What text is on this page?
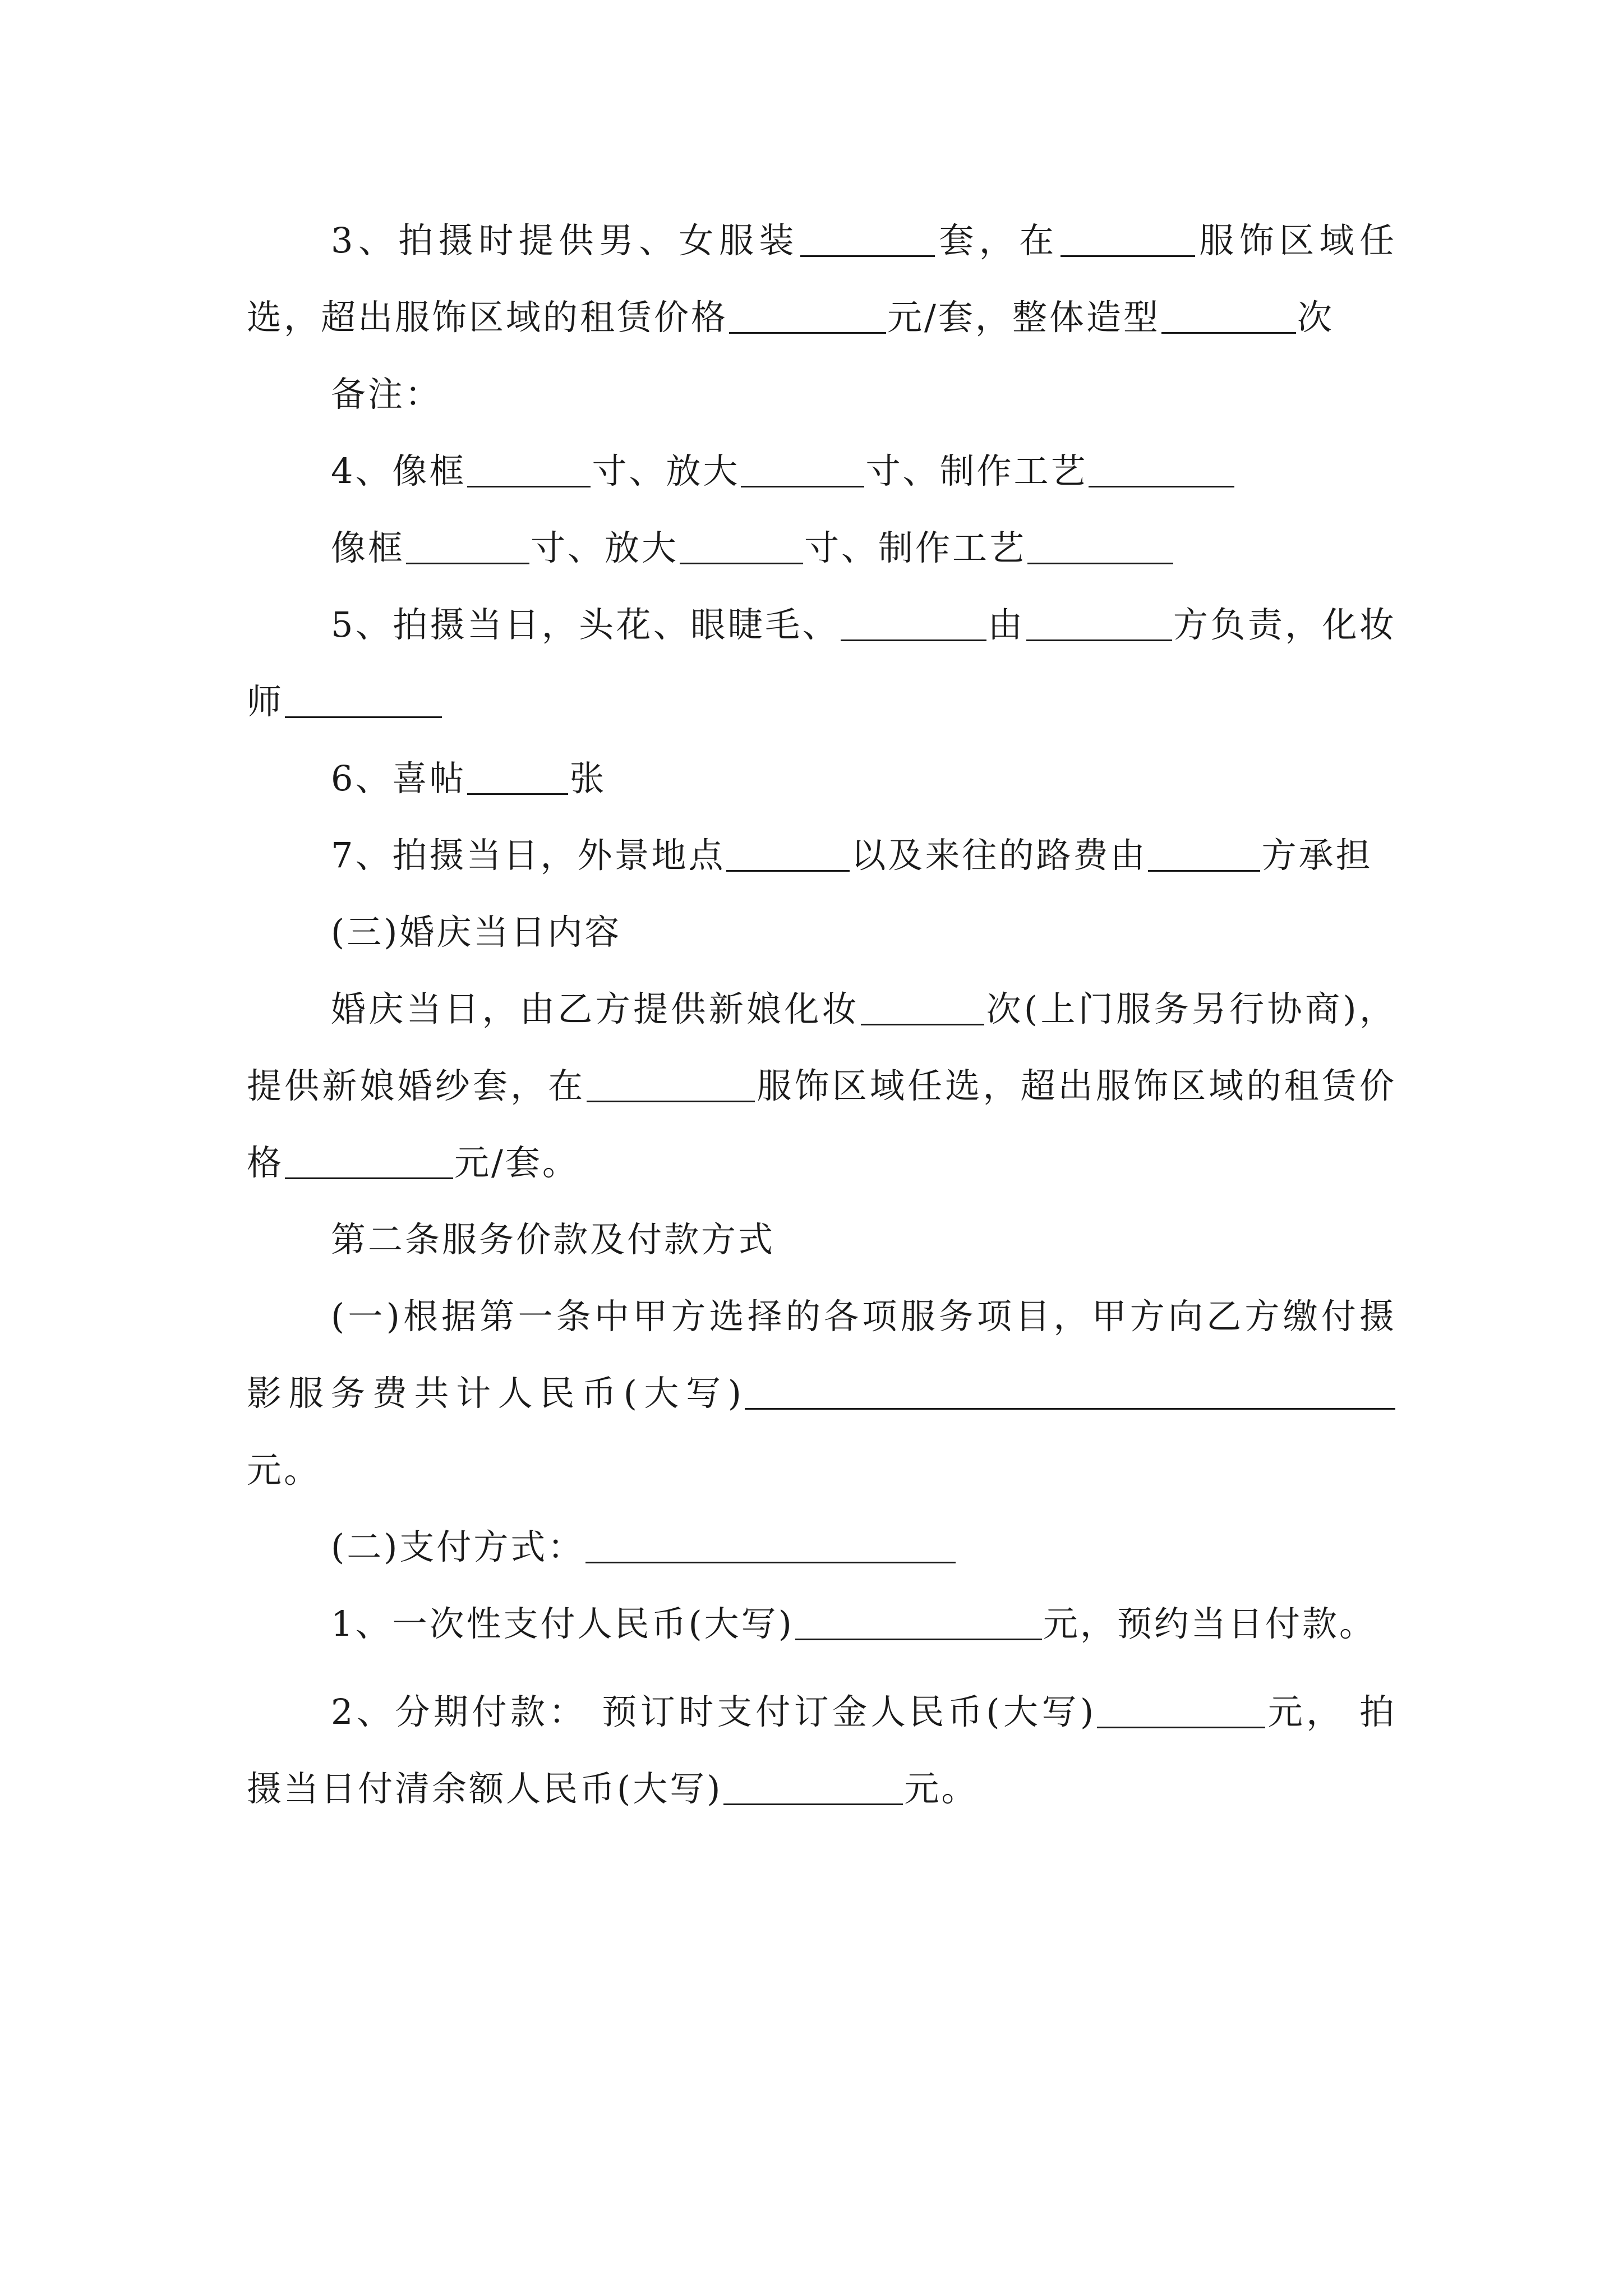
3、拍摄时提供男、女服装	套，在	服饰区域任选，超出服饰区域的租赁价格	元/套，整体造型	次

备注：

4、像框	寸、放大	寸、制作工艺

像框	寸、放大	寸、制作工艺

5、拍摄当日，头花、眼睫毛、	由	方负责，化妆师

6、喜帖	张

7、拍摄当日，外景地点	以及来往的路费由	方承担

(三)婚庆当日内容

婚庆当日，由乙方提供新娘化妆	次(上门服务另行协商)，提供新娘婚纱套，在	服饰区域任选，超出服饰区域的租赁价格	元/套。

第二条服务价款及付款方式

(一)根据第一条中甲方选择的各项服务项目，甲方向乙方缴付摄影服务费共计人民币(大写)元。

(二)支付方式：

1、一次性支付人民币(大写)	元，预约当日付款。

2、分期付款： 预订时支付订金人民币(大写)	元， 拍摄当日付清余额人民币(大写)	元。
